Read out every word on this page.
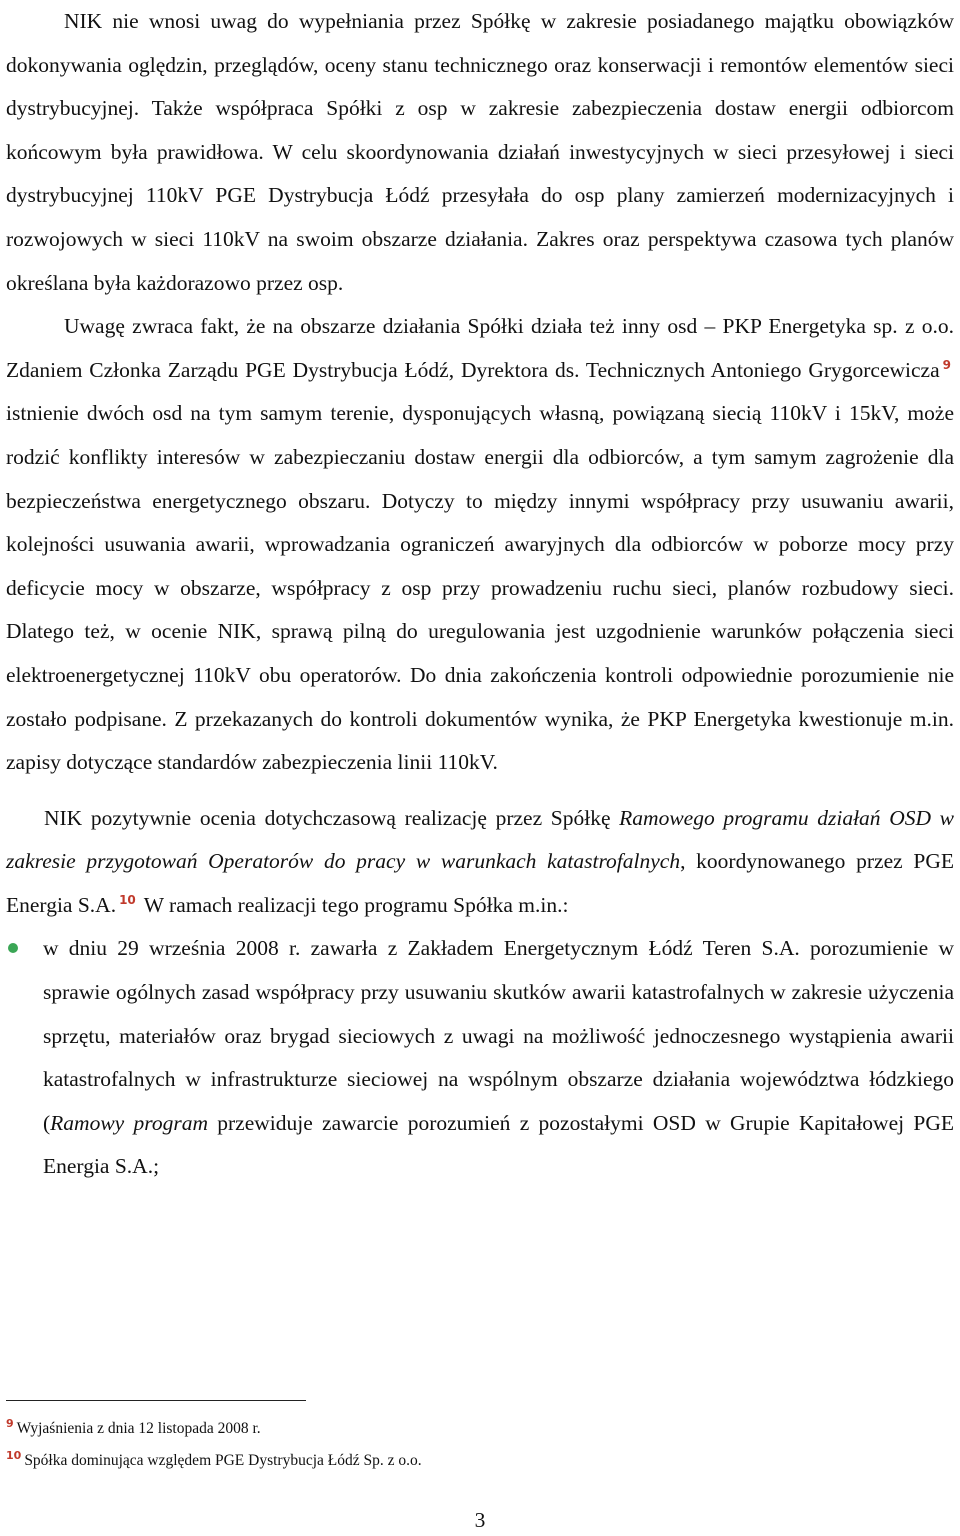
NIK nie wnosi uwag do wypełniania przez Spółkę w zakresie posiadanego majątku obowiązków dokonywania oględzin, przeglądów, oceny stanu technicznego oraz konserwacji i remontów elementów sieci dystrybucyjnej. Także współpraca Spółki z osp w zakresie zabezpieczenia dostaw energii odbiorcom końcowym była prawidłowa. W celu skoordynowania działań inwestycyjnych w sieci przesyłowej i sieci dystrybucyjnej 110kV PGE Dystrybucja Łódź przesyłała do osp plany zamierzeń modernizacyjnych i rozwojowych w sieci 110kV na swoim obszarze działania. Zakres oraz perspektywa czasowa tych planów określana była każdorazowo przez osp.

Uwagę zwraca fakt, że na obszarze działania Spółki działa też inny osd – PKP Energetyka sp. z o.o. Zdaniem Członka Zarządu PGE Dystrybucja Łódź, Dyrektora ds. Technicznych Antoniego Grygorcewicza $^9$ istnienie dwóch osd na tym samym terenie, dysponujących własną, powiązaną siecią 110kV i 15kV, może rodzić konflikty interesów w zabezpieczaniu dostaw energii dla odbiorców, a tym samym zagrożenie dla bezpieczeństwa energetycznego obszaru. Dotyczy to między innymi współpracy przy usuwaniu awarii, kolejności usuwania awarii, wprowadzania ograniczeń awaryjnych dla odbiorców w poborze mocy przy deficycie mocy w obszarze, współpracy z osp przy prowadzeniu ruchu sieci, planów rozbudowy sieci. Dlatego też, w ocenie NIK, sprawą pilną do uregulowania jest uzgodnienie warunków połączenia sieci elektroenergetycznej 110kV obu operatorów. Do dnia zakończenia kontroli odpowiednie porozumienie nie zostało podpisane. Z przekazanych do kontroli dokumentów wynika, że PKP Energetyka kwestionuje m.in. zapisy dotyczące standardów zabezpieczenia linii 110kV.

NIK pozytywnie ocenia dotychczasową realizację przez Spółkę Ramowego programu działań OSD w zakresie przygotowań Operatorów do pracy w warunkach katastrofalnych, koordynowanego przez PGE Energia S.A. $^{10}$ W ramach realizacji tego programu Spółka m.in.:

w dniu 29 września 2008 r. zawarła z Zakładem Energetycznym Łódź Teren S.A. porozumienie w sprawie ogólnych zasad współpracy przy usuwaniu skutków awarii katastrofalnych w zakresie użyczenia sprzętu, materiałów oraz brygad sieciowych z uwagi na możliwość jednoczesnego wystąpienia awarii katastrofalnych w infrastrukturze sieciowej na wspólnym obszarze działania województwa łódzkiego (Ramowy program przewiduje zawarcie porozumień z pozostałymi OSD w Grupie Kapitałowej PGE Energia S.A.;
$^9$ Wyjaśnienia z dnia 12 listopada 2008 r.
$^{10}$ Spółka dominująca względem PGE Dystrybucja Łódź Sp. z o.o.
3
